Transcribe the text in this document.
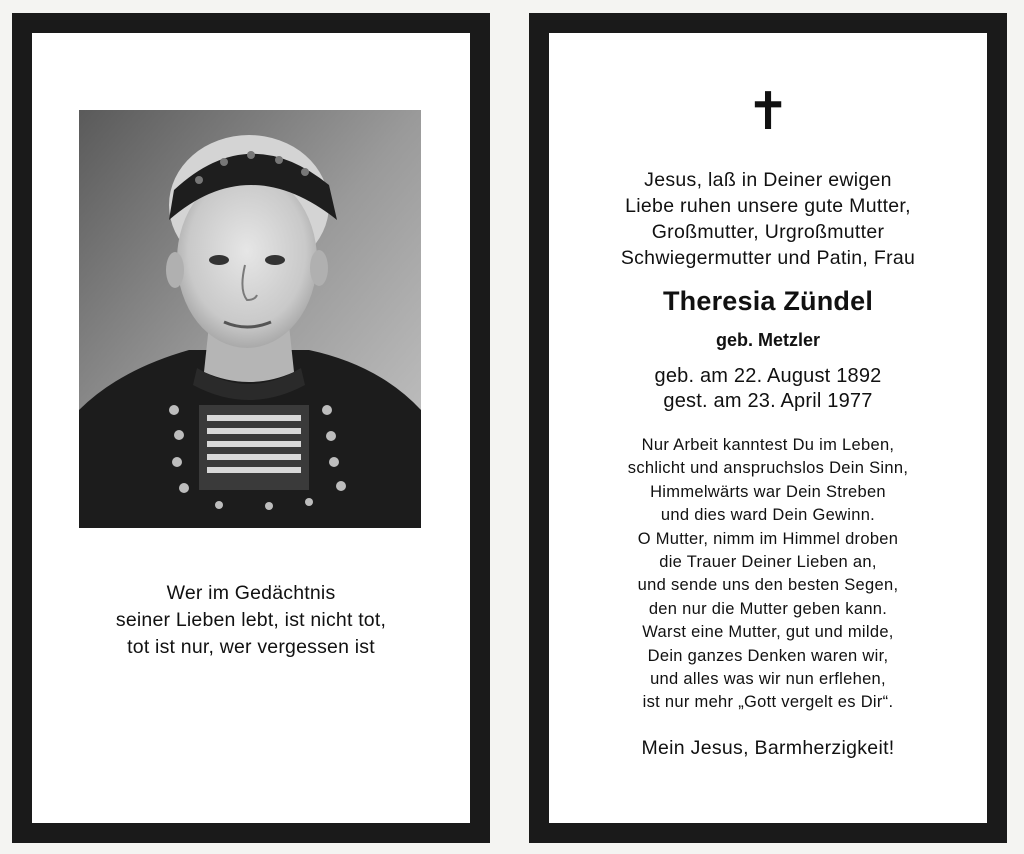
Wer im Gedächtnis
seiner Lieben lebt, ist nicht tot,
tot ist nur, wer vergessen ist
✝
Jesus, laß in Deiner ewigen
Liebe ruhen unsere gute Mutter,
Großmutter, Urgroßmutter
Schwiegermutter und Patin, Frau
Theresia Zündel
geb. Metzler
geb. am 22. August 1892
gest. am 23. April 1977
Nur Arbeit kanntest Du im Leben,
schlicht und anspruchslos Dein Sinn,
Himmelwärts war Dein Streben
und dies ward Dein Gewinn.
O Mutter, nimm im Himmel droben
die Trauer Deiner Lieben an,
und sende uns den besten Segen,
den nur die Mutter geben kann.
Warst eine Mutter, gut und milde,
Dein ganzes Denken waren wir,
und alles was wir nun erflehen,
ist nur mehr „Gott vergelt es Dir“.
Mein Jesus, Barmherzigkeit!
